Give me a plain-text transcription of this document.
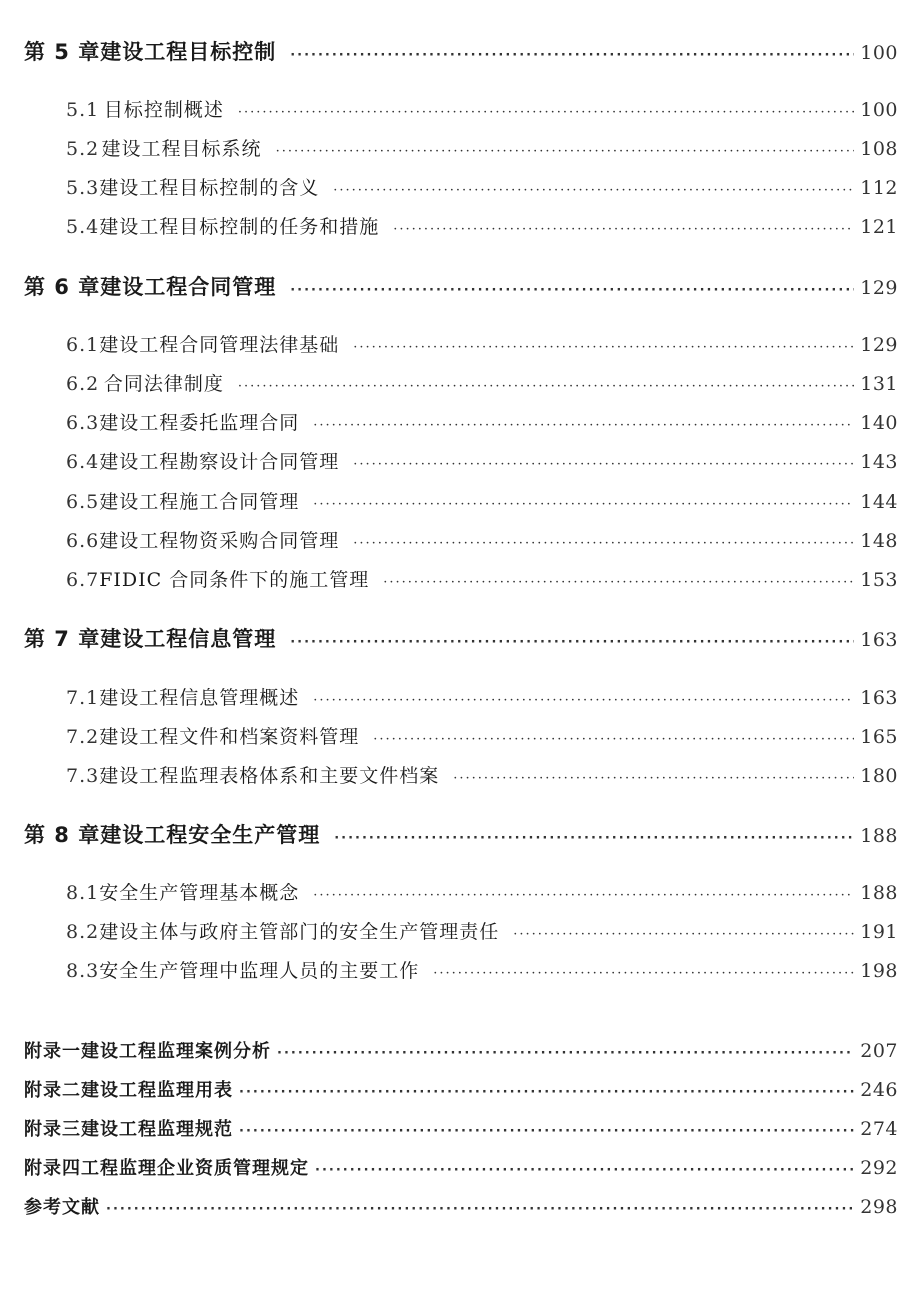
第 5 章 建设工程目标控制 ·····	100
5.1 目标控制概述 ·····	100
5.2 建设工程目标系统 ·····	108
5.3 建设工程目标控制的含义 ·····	112
5.4 建设工程目标控制的任务和措施 ·····	121
第 6 章 建设工程合同管理 ·····	129
6.1 建设工程合同管理法律基础 ·····	129
6.2 合同法律制度 ·····	131
6.3 建设工程委托监理合同 ·····	140
6.4 建设工程勘察设计合同管理 ·····	143
6.5 建设工程施工合同管理 ·····	144
6.6 建设工程物资采购合同管理 ·····	148
6.7 FIDIC 合同条件下的施工管理 ·····	153
第 7 章 建设工程信息管理 ·····	163
7.1 建设工程信息管理概述 ·····	163
7.2 建设工程文件和档案资料管理 ·····	165
7.3 建设工程监理表格体系和主要文件档案 ·····	180
第 8 章 建设工程安全生产管理 ·····	188
8.1 安全生产管理基本概念 ·····	188
8.2 建设主体与政府主管部门的安全生产管理责任 ·····	191
8.3 安全生产管理中监理人员的主要工作 ·····	198
附录一 建设工程监理案例分析 ·····	207
附录二 建设工程监理用表 ·····	246
附录三 建设工程监理规范 ·····	274
附录四 工程监理企业资质管理规定 ·····	292
参考文献 ·····	298
